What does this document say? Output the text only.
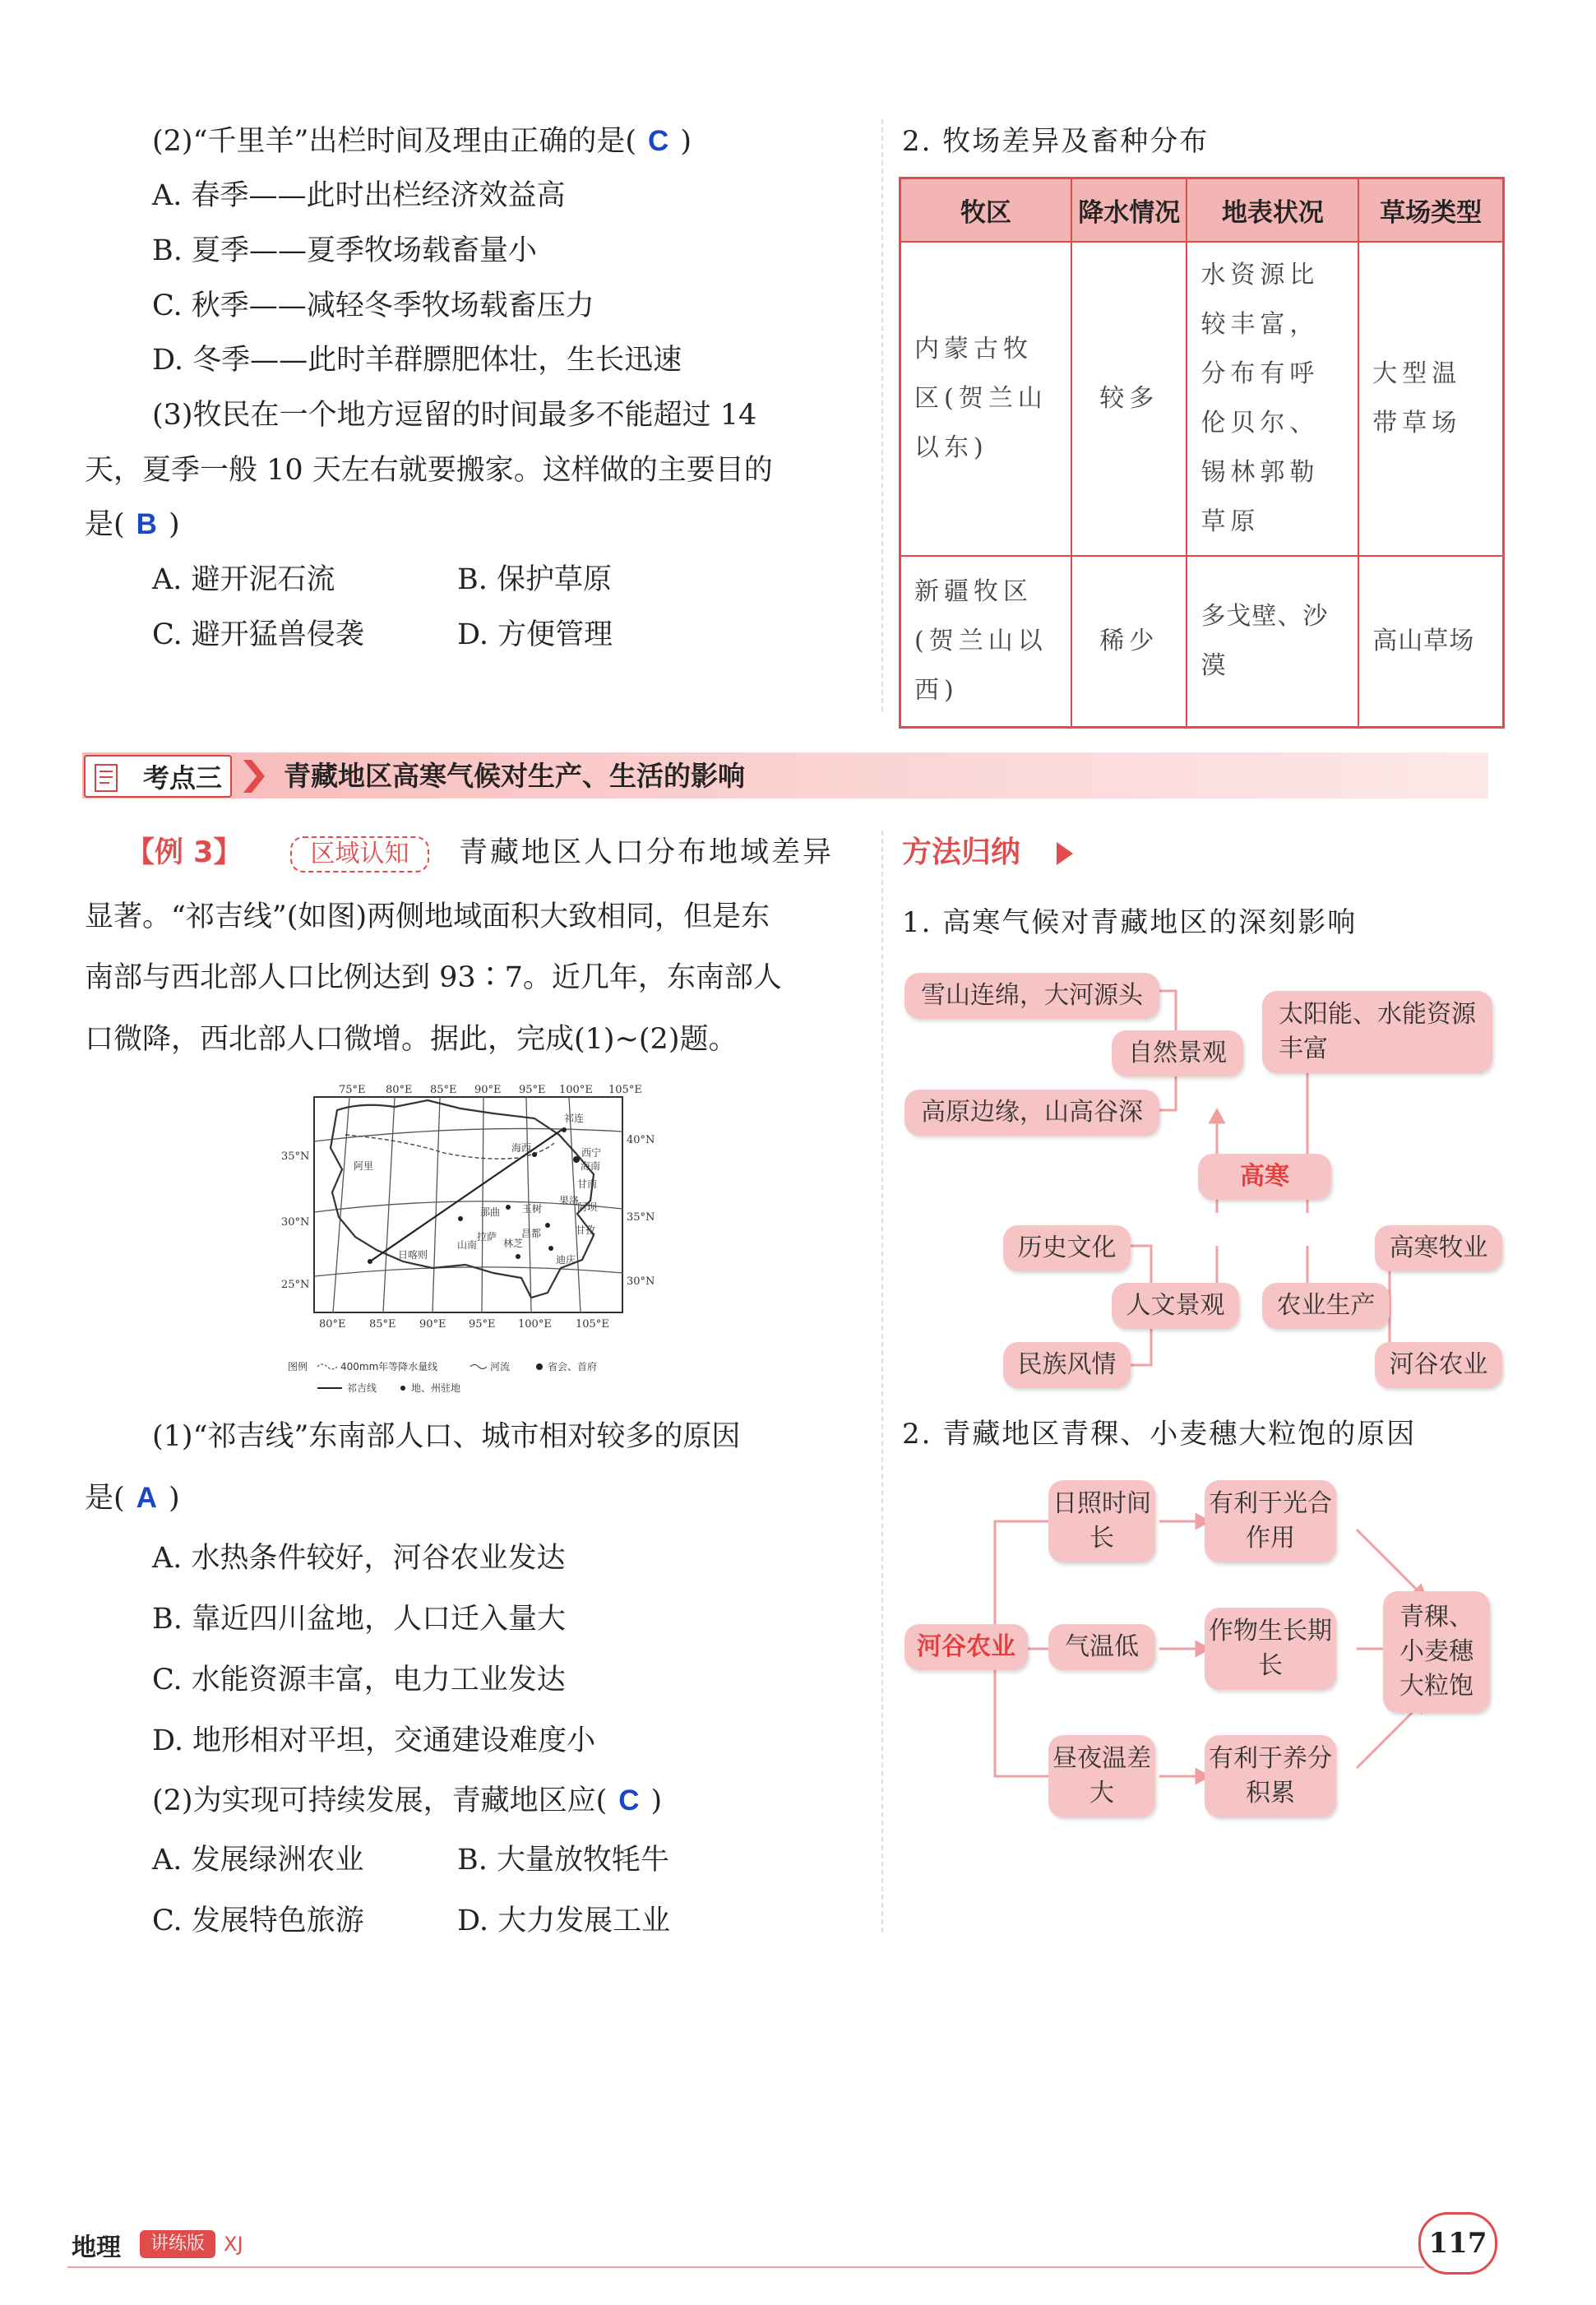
(2)“千里羊”出栏时间及理由正确的是( C )
A. 春季——此时出栏经济效益高
B. 夏季——夏季牧场载畜量小
C. 秋季——减轻冬季牧场载畜压力
D. 冬季——此时羊群膘肥体壮，生长迅速
(3)牧民在一个地方逗留的时间最多不能超过 14
天，夏季一般 10 天左右就要搬家。这样做的主要目的
是( B )
A. 避开泥石流	B. 保护草原
C. 避开猛兽侵袭	D. 方便管理
2. 牧场差异及畜种分布
牧区	降水情况	地表状况	草场类型
内蒙古牧区(贺兰山以东)	较多	水资源比较丰富，分布有呼伦贝尔、锡林郭勒草原	大型温带草场
新疆牧区(贺兰山以西)	稀少	多戈壁、沙漠	高山草场
考点三	青藏地区高寒气候对生产、生活的影响
【例 3】	区域认知	青藏地区人口分布地域差异
显著。“祁吉线”(如图)两侧地域面积大致相同，但是东
南部与西北部人口比例达到 93∶7。近几年，东南部人
口微降，西北部人口微增。据此，完成(1)~(2)题。
75°E 80°E 85°E 90°E 95°E 100°E 105°E
80°E 85°E 90°E 95°E 100°E 105°E
35°N
30°N
25°N
40°N
35°N
30°N
祁连
海西	西宁
海南
阿里
甘南
果洛
玉树
那曲	阿坝
甘孜
拉萨 昌都
日喀则
山南	林芝
迪庆
图例	400mm年等降水量线	河流	省会、首府
祁吉线	地、州驻地
(1)“祁吉线”东南部人口、城市相对较多的原因
是( A )
A. 水热条件较好，河谷农业发达
B. 靠近四川盆地，人口迁入量大
C. 水能资源丰富，电力工业发达
D. 地形相对平坦，交通建设难度小
(2)为实现可持续发展，青藏地区应( C )
A. 发展绿洲农业	B. 大量放牧牦牛
C. 发展特色旅游	D. 大力发展工业
方法归纳
1. 高寒气候对青藏地区的深刻影响
雪山连绵，大河源头
高原边缘，山高谷深
自然景观
太阳能、水能资源丰富
高寒
历史文化
人文景观
民族风情
农业生产
高寒牧业
河谷农业
2. 青藏地区青稞、小麦穗大粒饱的原因
河谷农业
日照时间长
气温低
昼夜温差大
有利于光合作用
作物生长期长
有利于养分积累
青稞、小麦穗大粒饱
地理	讲练版 XJ	117
